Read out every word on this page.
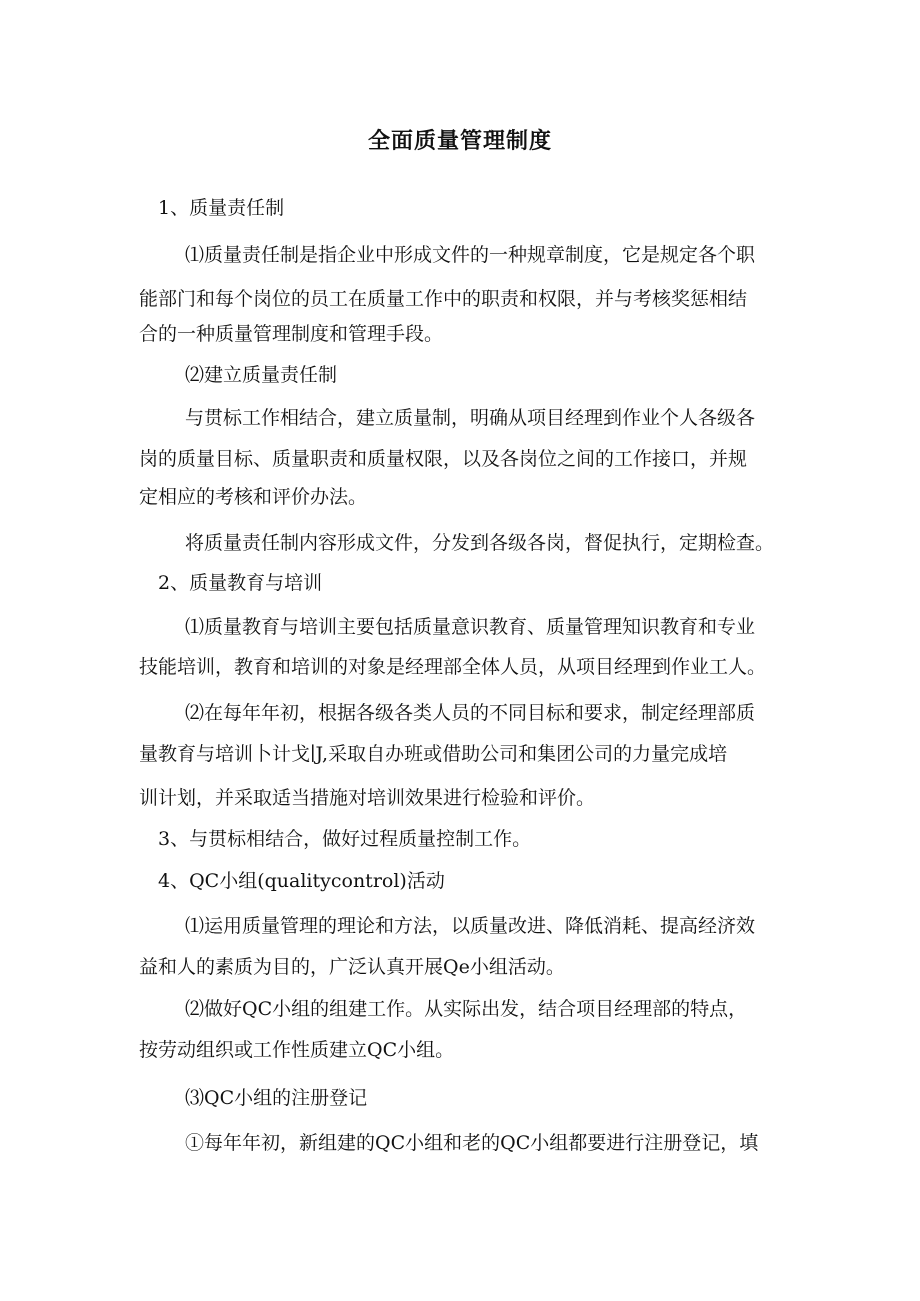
全面质量管理制度
1、质量责任制
⑴质量责任制是指企业中形成文件的一种规章制度，它是规定各个职
能部门和每个岗位的员工在质量工作中的职责和权限，并与考核奖惩相结
合的一种质量管理制度和管理手段。
⑵建立质量责任制
与贯标工作相结合，建立质量制，明确从项目经理到作业个人各级各
岗的质量目标、质量职责和质量权限，以及各岗位之间的工作接口，并规
定相应的考核和评价办法。
将质量责任制内容形成文件，分发到各级各岗，督促执行，定期检查。
2、质量教育与培训
⑴质量教育与培训主要包括质量意识教育、质量管理知识教育和专业
技能培训，教育和培训的对象是经理部全体人员，从项目经理到作业工人。
⑵在每年年初，根据各级各类人员的不同目标和要求，制定经理部质
量教育与培训卜计戈∣J,采取自办班或借助公司和集团公司的力量完成培
训计划，并采取适当措施对培训效果进行检验和评价。
3、与贯标相结合，做好过程质量控制工作。
4、QC小组(qualitycontrol)活动
⑴运用质量管理的理论和方法，以质量改进、降低消耗、提高经济效
益和人的素质为目的，广泛认真开展Qe小组活动。
⑵做好QC小组的组建工作。从实际出发，结合项目经理部的特点，
按劳动组织或工作性质建立QC小组。
⑶QC小组的注册登记
①每年年初，新组建的QC小组和老的QC小组都要进行注册登记，填
